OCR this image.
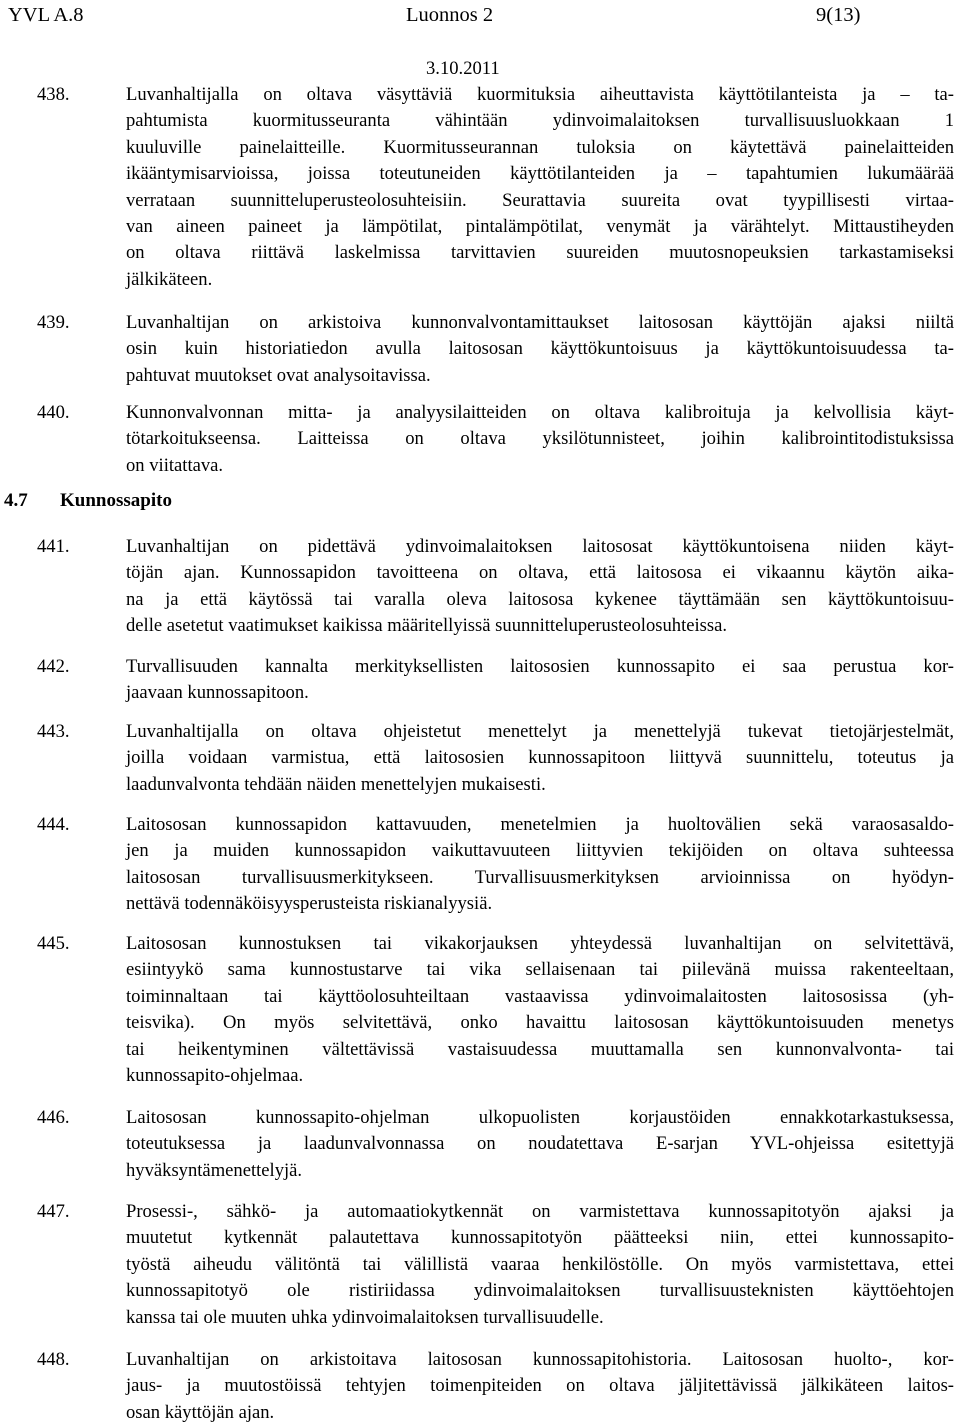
YVL A.8	Luonnos 2	9(13)
3.10.2011
438.	Luvanhaltijalla on oltava väsyttäviä kuormituksia aiheuttavista käyttötilanteista ja – ta-
pahtumista kuormitusseuranta vähintään ydinvoimalaitoksen turvallisuusluokkaan 1
kuuluville painelaitteille. Kuormitusseurannan tuloksia on käytettävä painelaitteiden
ikääntymisarvioissa, joissa toteutuneiden käyttötilanteiden ja – tapahtumien lukumäärää
verrataan suunnitteluperusteolosuhteisiin. Seurattavia suureita ovat tyypillisesti virtaa-
van aineen paineet ja lämpötilat, pintalämpötilat, venymät ja värähtelyt. Mittaustiheyden
on oltava riittävä laskelmissa tarvittavien suureiden muutosnopeuksien tarkastamiseksi
jälkikäteen.
439.	Luvanhaltijan on arkistoiva kunnonvalvontamittaukset laitososan käyttöjän ajaksi niiltä
osin kuin historiatiedon avulla laitososan käyttökuntoisuus ja käyttökuntoisuudessa ta-
pahtuvat muutokset ovat analysoitavissa.
440.	Kunnonvalvonnan mitta- ja analyysilaitteiden on oltava kalibroituja ja kelvollisia käyt-
tötarkoitukseensa. Laitteissa on oltava yksilötunnisteet, joihin kalibrointitodistuksissa
on viitattava.
4.7 Kunnossapito
441.	Luvanhaltijan on pidettävä ydinvoimalaitoksen laitososat käyttökuntoisena niiden käyt-
töjän ajan. Kunnossapidon tavoitteena on oltava, että laitososa ei vikaannu käytön aika-
na ja että käytössä tai varalla oleva laitososa kykenee täyttämään sen käyttökuntoisuu-
delle asetetut vaatimukset kaikissa määritellyissä suunnitteluperusteolosuhteissa.
442.	Turvallisuuden kannalta merkityksellisten laitososien kunnossapito ei saa perustua kor-
jaavaan kunnossapitoon.
443.	Luvanhaltijalla on oltava ohjeistetut menettelyt ja menettelyjä tukevat tietojärjestelmät,
joilla voidaan varmistua, että laitososien kunnossapitoon liittyvä suunnittelu, toteutus ja
laadunvalvonta tehdään näiden menettelyjen mukaisesti.
444.	Laitososan kunnossapidon kattavuuden, menetelmien ja huoltovälien sekä varaosasaldo-
jen ja muiden kunnossapidon vaikuttavuuteen liittyvien tekijöiden on oltava suhteessa
laitososan turvallisuusmerkitykseen. Turvallisuusmerkityksen arvioinnissa on hyödyn-
nettävä todennäköisyysperusteista riskianalyysiä.
445.	Laitososan kunnostuksen tai vikakorjauksen yhteydessä luvanhaltijan on selvitettävä,
esiintyykö sama kunnostustarve tai vika sellaisenaan tai piilevänä muissa rakenteeltaan,
toiminnaltaan tai käyttöolosuhteiltaan vastaavissa ydinvoimalaitosten laitososissa (yh-
teisvika). On myös selvitettävä, onko havaittu laitososan käyttökuntoisuuden menetys
tai heikentyminen vältettävissä vastaisuudessa muuttamalla sen kunnonvalvonta- tai
kunnossapito-ohjelmaa.
446.	Laitososan kunnossapito-ohjelman ulkopuolisten korjaustöiden ennakkotarkastuksessa,
toteutuksessa ja laadunvalvonnassa on noudatettava E-sarjan YVL-ohjeissa esitettyjä
hyväksyntämenettelyjä.
447.	Prosessi-, sähkö- ja automaatiokytkennät on varmistettava kunnossapitotyön ajaksi ja
muutetut kytkennät palautettava kunnossapitotyön päätteeksi niin, ettei kunnossapito-
työstä aiheudu välitöntä tai välillistä vaaraa henkilöstölle. On myös varmistettava, ettei
kunnossapitotyö ole ristiriidassa ydinvoimalaitoksen turvallisuusteknisten käyttöehtojen
kanssa tai ole muuten uhka ydinvoimalaitoksen turvallisuudelle.
448.	Luvanhaltijan on arkistoitava laitososan kunnossapitohistoria. Laitososan huolto-, kor-
jaus- ja muutostöissä tehtyjen toimenpiteiden on oltava jäljitettävissä jälkikäteen laitos-
osan käyttöjän ajan.
